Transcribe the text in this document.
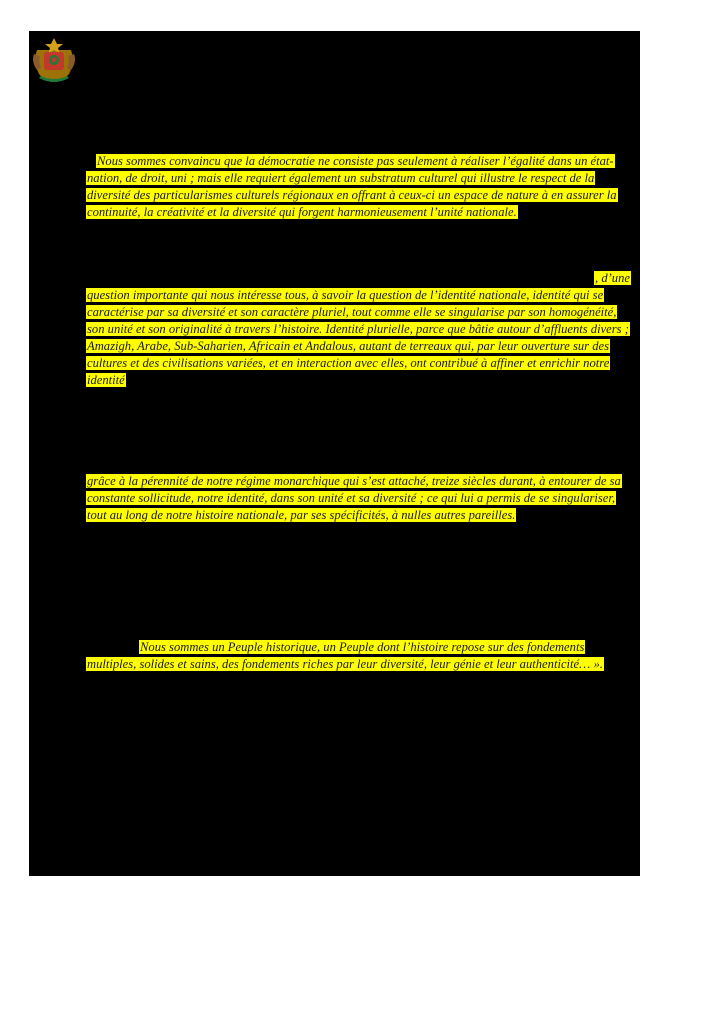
Nous sommes convaincu que la démocratie ne consiste pas seulement à réaliser l’égalité dans un état-nation, de droit, uni ; mais elle requiert également un substratum culturel qui illustre le respect de la diversité des particularismes culturels régionaux en offrant à ceux-ci un espace de nature à en assurer la continuité, la créativité et la diversité qui forgent harmonieusement l’unité nationale.

, d’une
question importante qui nous intéresse tous, à savoir la question de l’identité nationale, identité qui se caractérise par sa diversité et son caractère pluriel, tout comme elle se singularise par son homogénéité, son unité et son originalité à travers l’histoire. Identité plurielle, parce que bâtie autour d’affluents divers ; Amazigh, Arabe, Sub-Saharien, Africain et Andalous, autant de terreaux qui, par leur ouverture sur des cultures et des civilisations variées, et en interaction avec elles, ont contribué à affiner et enrichir notre identité

grâce à la pérennité de notre régime monarchique qui s’est attaché, treize siècles durant, à entourer de sa constante sollicitude, notre identité, dans son unité et sa diversité ; ce qui lui a permis de se singulariser, tout au long de notre histoire nationale, par ses spécificités, à nulles autres pareilles.

Nous sommes un Peuple historique, un Peuple dont l’histoire repose sur des fondements multiples, solides et sains, des fondements riches par leur diversité, leur génie et leur authenticité… ».
